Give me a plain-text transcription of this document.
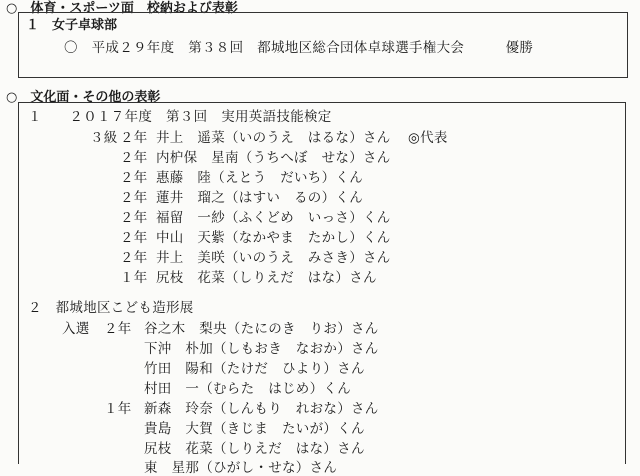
○　体育・スポーツ面　校納および表彰
１　女子卓球部
〇　平成２９年度　第３８回　都城地区総合団体卓球選手権大会　　　優勝
○　文化面・その他の表彰
１　　２０１７年度　第３回　実用英語技能検定
３級	◎代表
２年 井上　遥菜（いのうえ　はるな）さん
２年 内枦保　星南（うちへぼ　せな）さん
２年 惠藤　陸（えとう　だいち）くん
２年 蓮井　瑠之（はすい　るの）くん
２年 福留　一紗（ふくどめ　いっさ）くん
２年 中山　天紫（なかやま　たかし）くん
２年 井上　美咲（いのうえ　みさき）さん
１年 尻枝　花菜（しりえだ　はな）さん
２　都城地区こども造形展
入選 ２年 谷之木　梨央（たにのき　りお）さん
下沖　朴加（しもおき　なおか）さん
竹田　陽和（たけだ　ひより）さん
村田　一（むらた　はじめ）くん
１年 新森　玲奈（しんもり　れおな）さん
貴島　大賀（きじま　たいが）くん
尻枝　花菜（しりえだ　はな）さん
東　星那（ひがし・せな）さん
